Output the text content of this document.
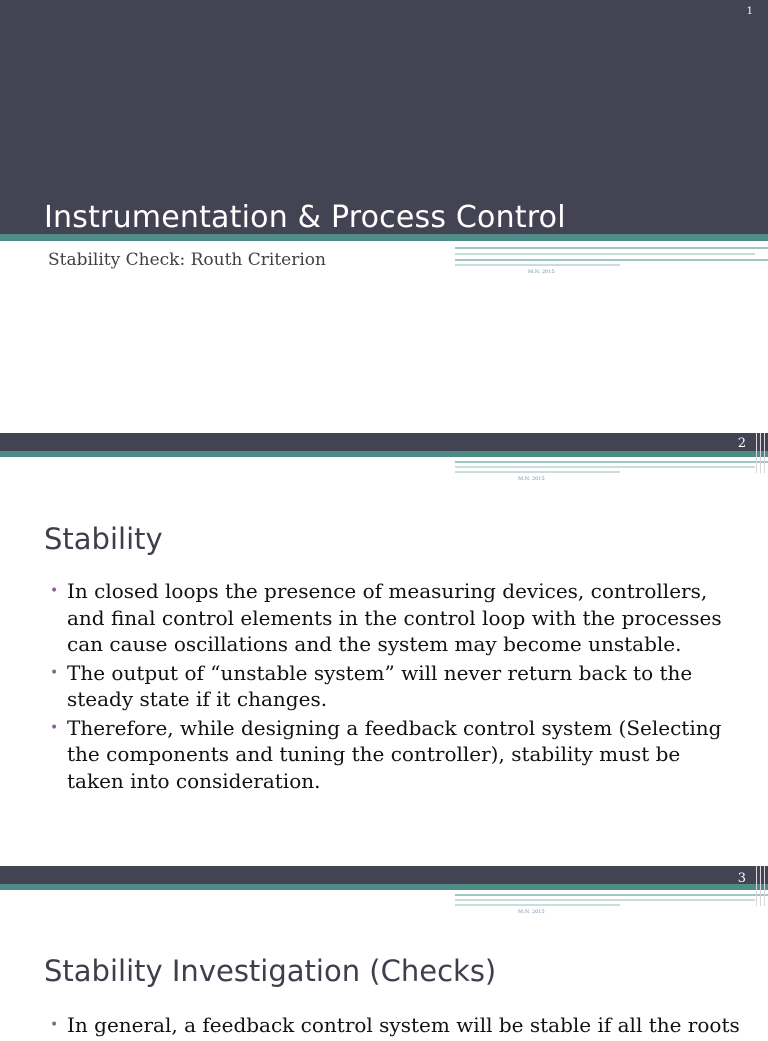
1
Instrumentation & Process Control
Stability Check: Routh Criterion
M.N. 2015
2
M.N. 2015
Stability
• In closed loops the presence of measuring devices, controllers, and final control elements in the control loop with the processes can cause oscillations and the system may become unstable.
• The output of “unstable system” will never return back to the steady state if it changes.
• Therefore, while designing a feedback control system (Selecting the components and tuning the controller), stability must be taken into consideration.
3
M.N. 2015
Stability Investigation (Checks)
• In general, a feedback control system will be stable if all the roots
